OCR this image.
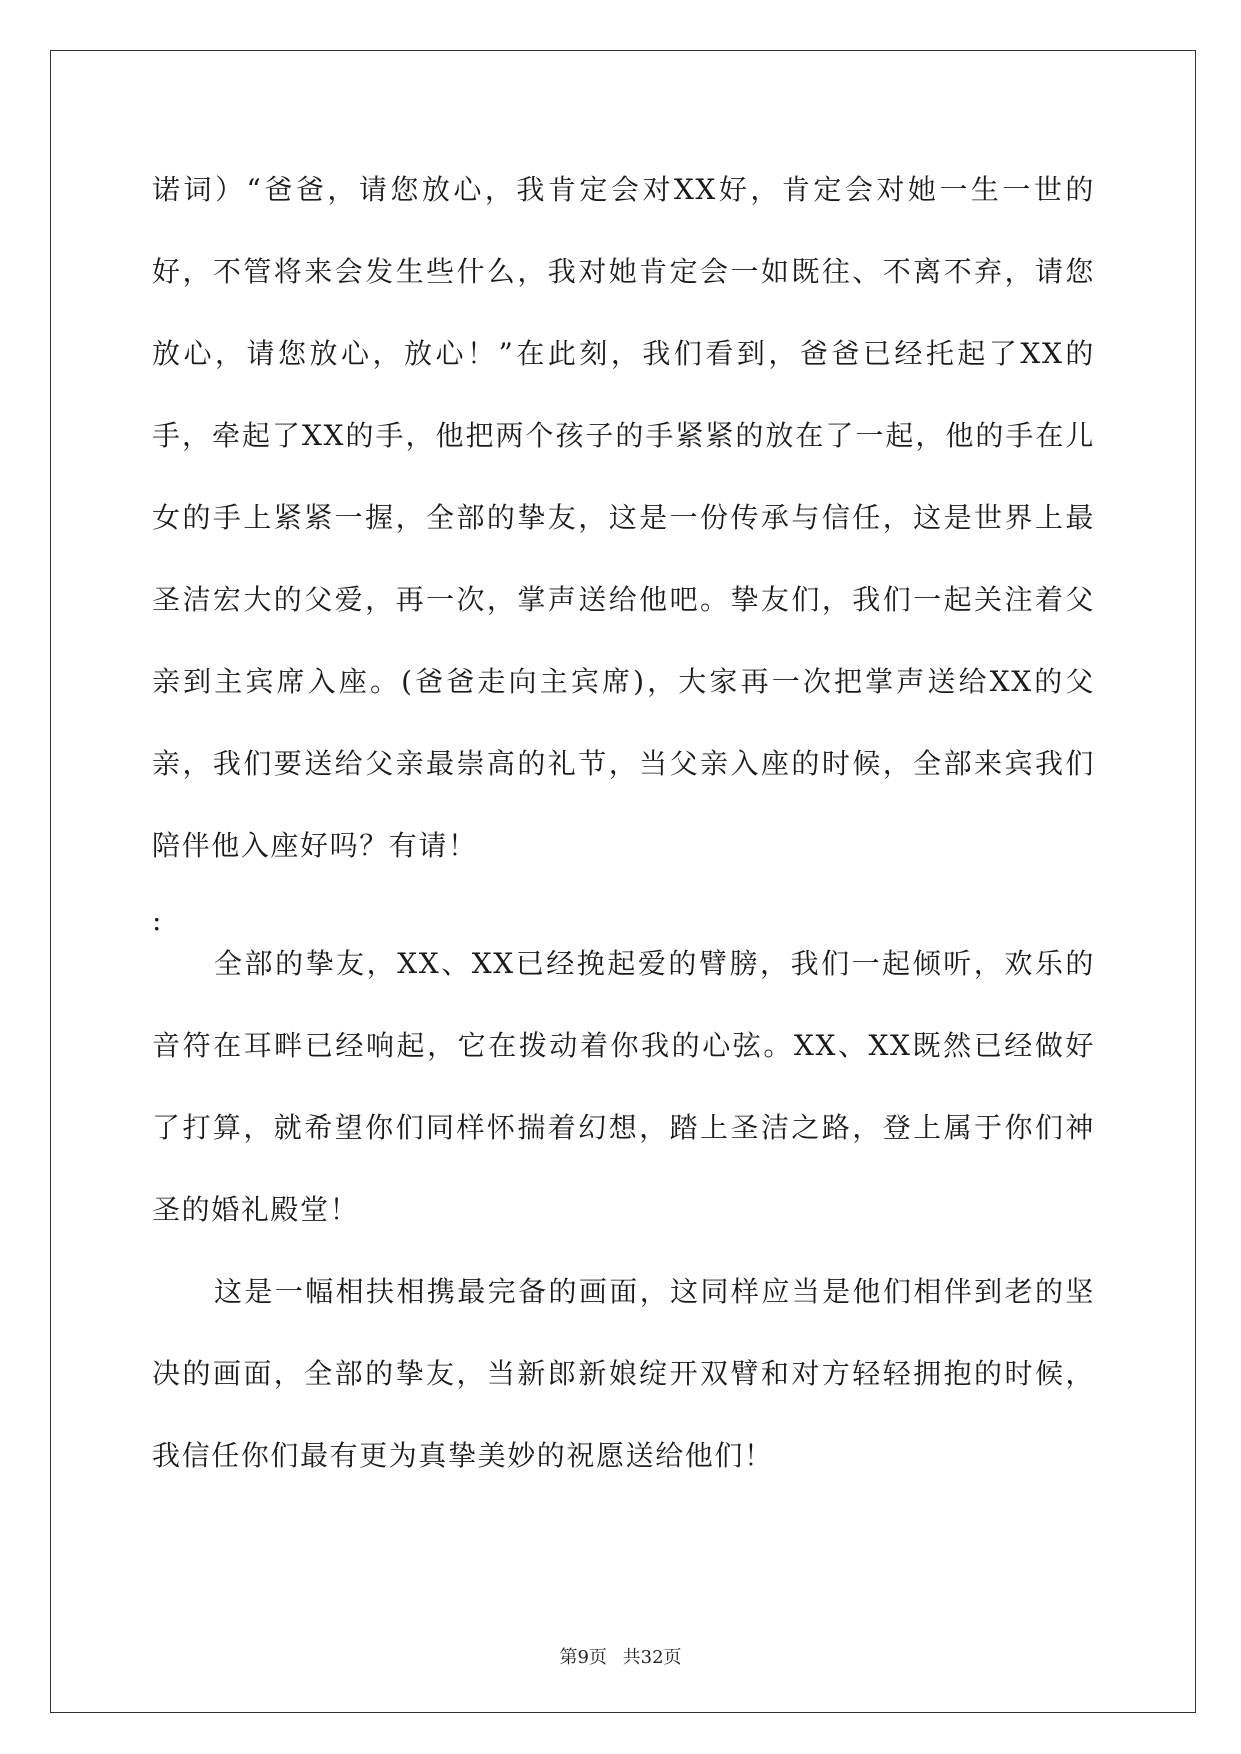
诺词）“爸爸，请您放心，我肯定会对XX好，肯定会对她一生一世的好，不管将来会发生些什么，我对她肯定会一如既往、不离不弃，请您放心，请您放心，放心！”在此刻，我们看到，爸爸已经托起了XX的手，牵起了XX的手，他把两个孩子的手紧紧的放在了一起，他的手在儿女的手上紧紧一握，全部的挚友，这是一份传承与信任，这是世界上最圣洁宏大的父爱，再一次，掌声送给他吧。挚友们，我们一起关注着父亲到主宾席入座。(爸爸走向主宾席)，大家再一次把掌声送给XX的父亲，我们要送给父亲最崇高的礼节，当父亲入座的时候，全部来宾我们陪伴他入座好吗？有请！
:
全部的挚友，XX、XX已经挽起爱的臂膀，我们一起倾听，欢乐的音符在耳畔已经响起，它在拨动着你我的心弦。XX、XX既然已经做好了打算，就希望你们同样怀揣着幻想，踏上圣洁之路，登上属于你们神圣的婚礼殿堂！
这是一幅相扶相携最完备的画面，这同样应当是他们相伴到老的坚决的画面，全部的挚友，当新郎新娘绽开双臂和对方轻轻拥抱的时候，我信任你们最有更为真挚美妙的祝愿送给他们！
第9页 共32页
